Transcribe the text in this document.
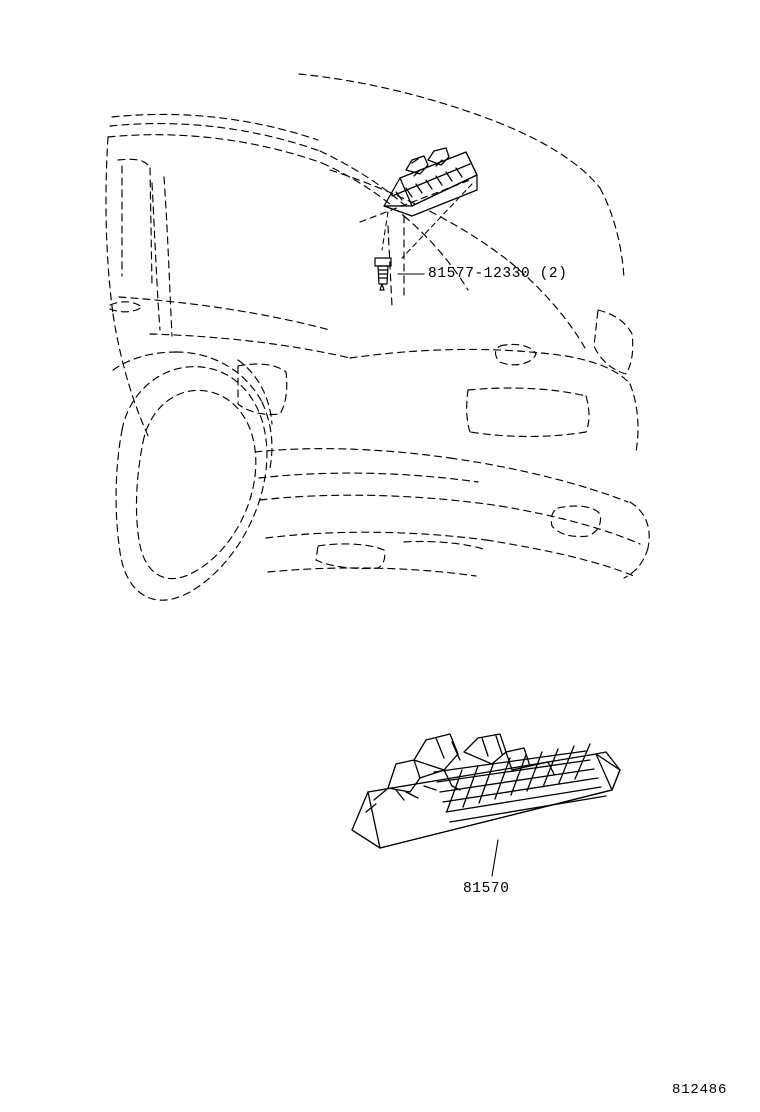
81577-12330 (2)
81570
812486
